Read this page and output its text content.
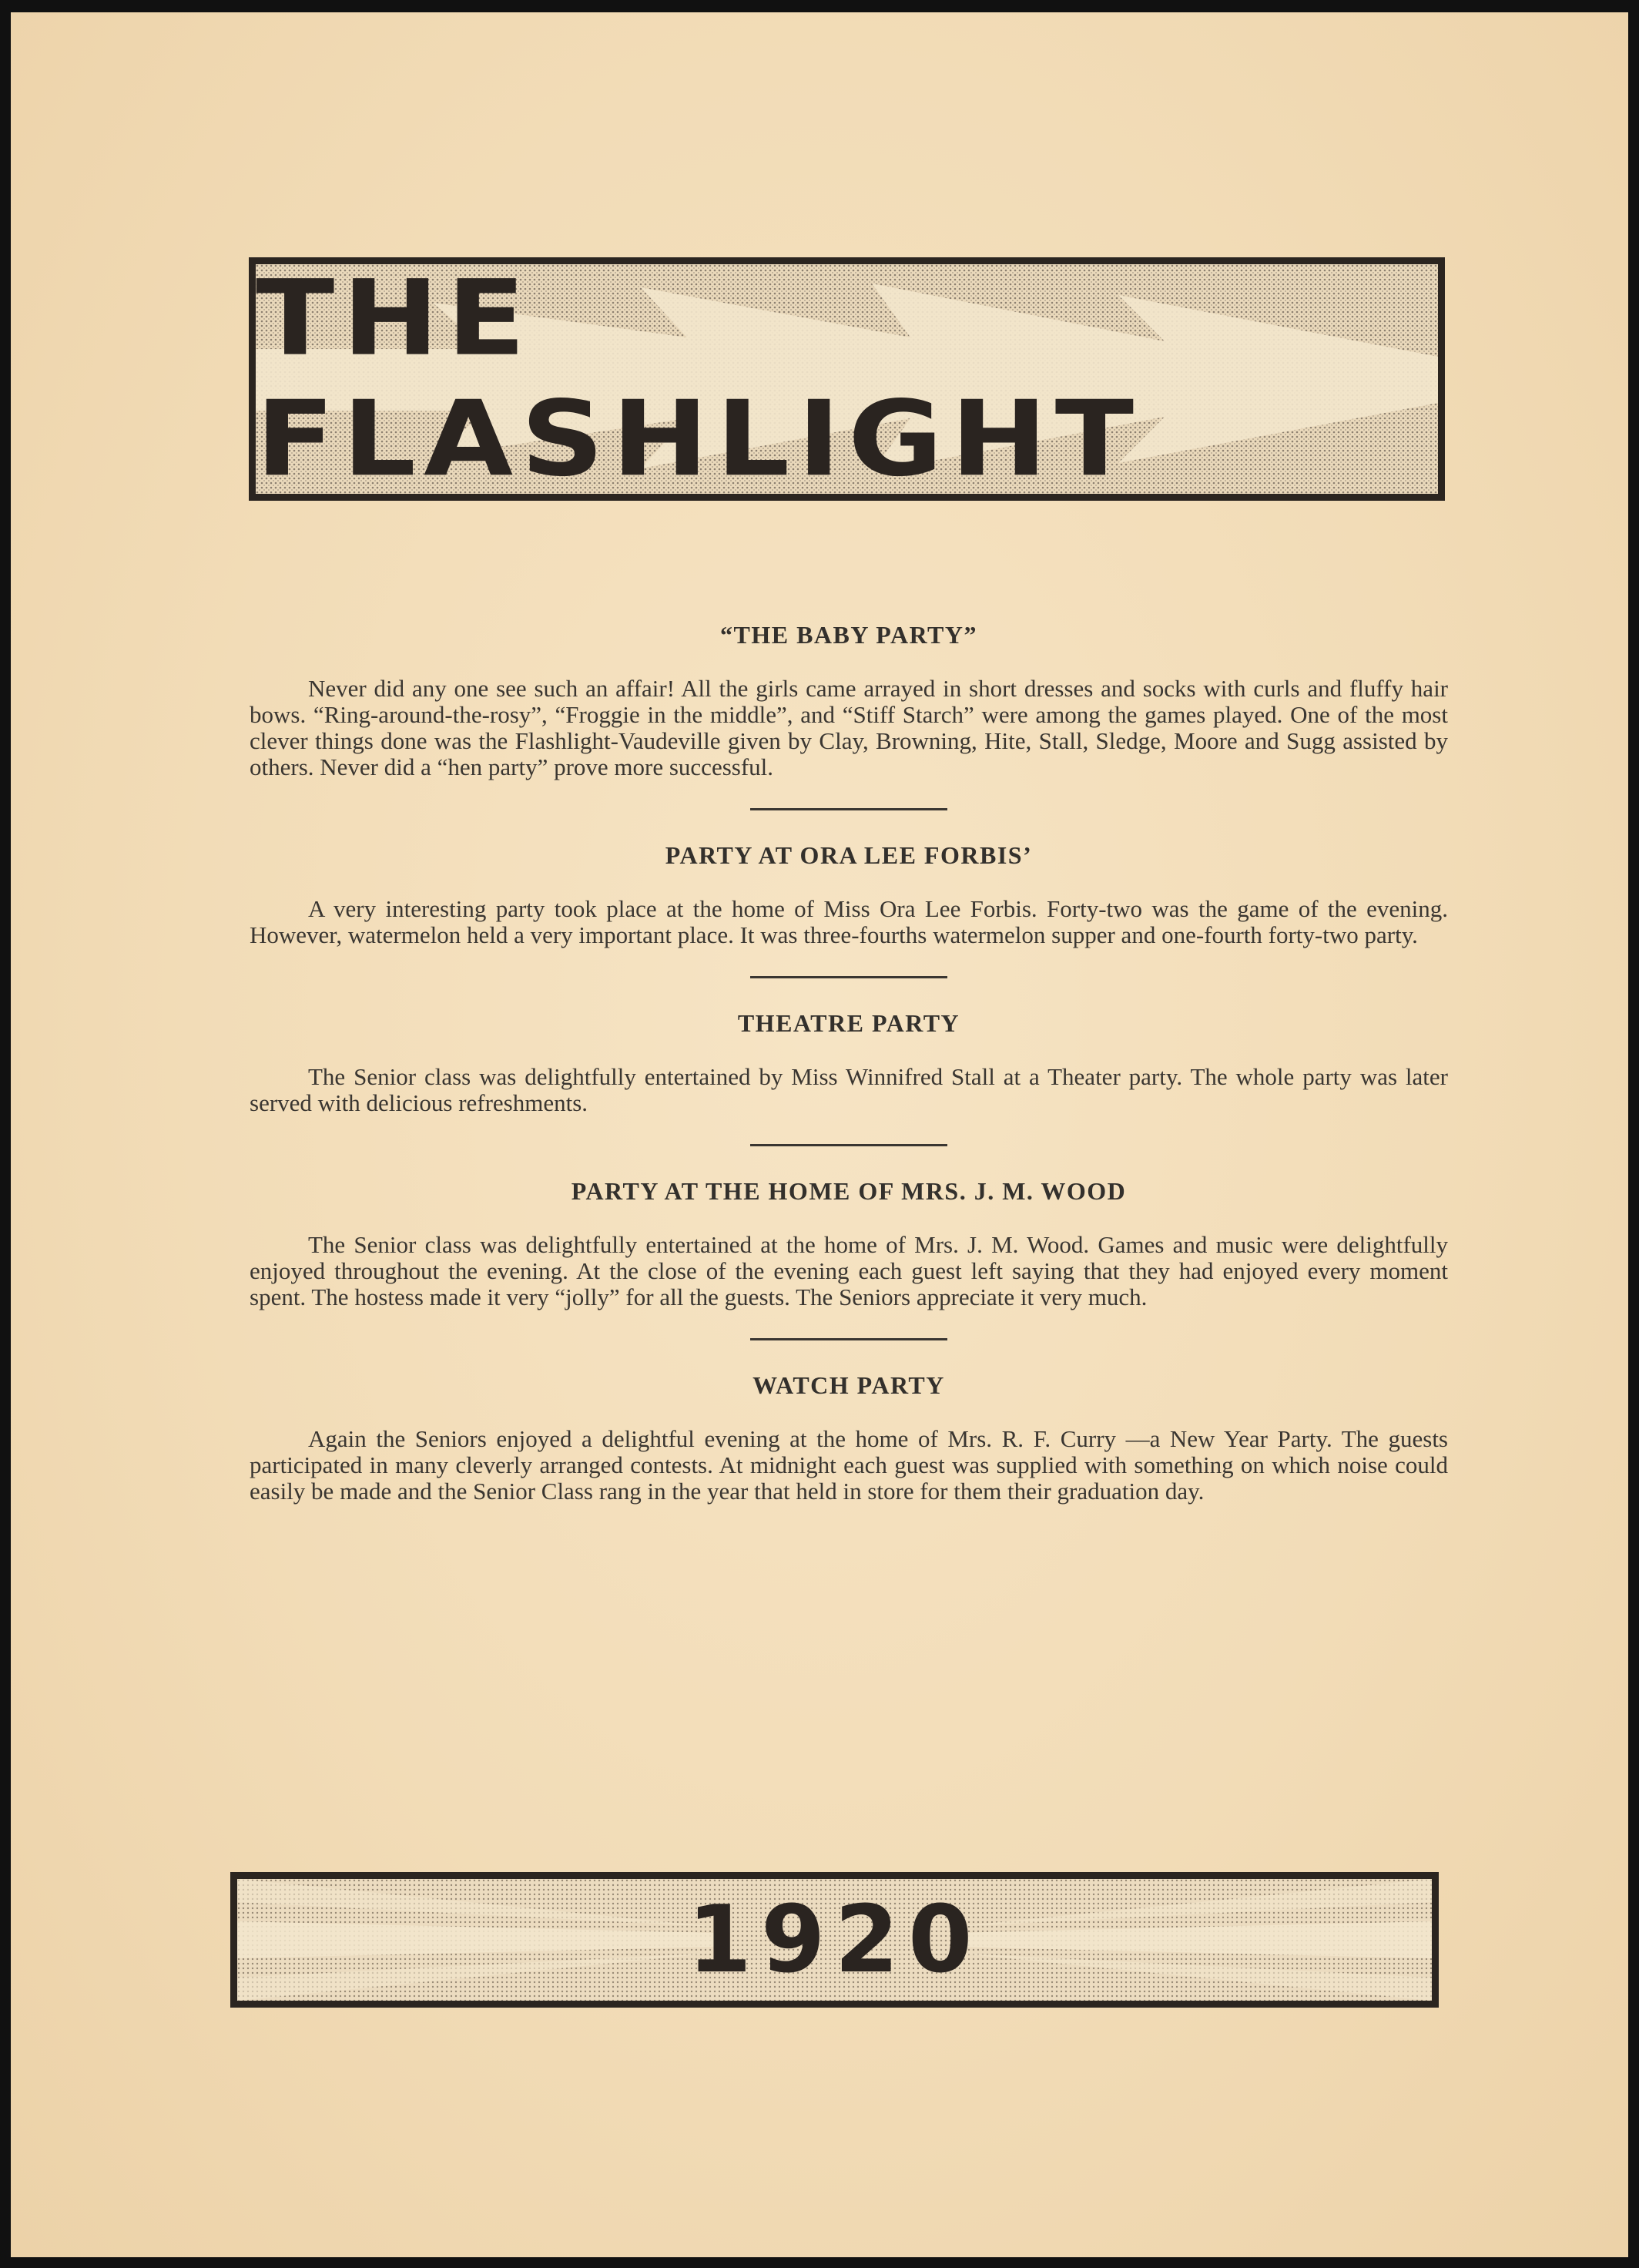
THE FLASHLIGHT
“THE BABY PARTY”

Never did any one see such an affair! All the girls came arrayed in short dresses and socks with curls and fluffy hair bows. “Ring-around-the-rosy”, “Froggie in the middle”, and “Stiff Starch” were among the games played. One of the most clever things done was the Flashlight-Vaudeville given by Clay, Browning, Hite, Stall, Sledge, Moore and Sugg assisted by others. Never did a “hen party” prove more successful.

PARTY AT ORA LEE FORBIS’

A very interesting party took place at the home of Miss Ora Lee Forbis. Forty-two was the game of the evening. However, watermelon held a very important place. It was three-fourths watermelon supper and one-fourth forty-two party.

THEATRE PARTY

The Senior class was delightfully entertained by Miss Winnifred Stall at a Theater party. The whole party was later served with delicious refreshments.

PARTY AT THE HOME OF MRS. J. M. WOOD

The Senior class was delightfully entertained at the home of Mrs. J. M. Wood. Games and music were delightfully enjoyed throughout the evening. At the close of the evening each guest left saying that they had enjoyed every moment spent. The hostess made it very “jolly” for all the guests. The Seniors appreciate it very much.

WATCH PARTY

Again the Seniors enjoyed a delightful evening at the home of Mrs. R. F. Curry —a New Year Party. The guests participated in many cleverly arranged contests. At midnight each guest was supplied with something on which noise could easily be made and the Senior Class rang in the year that held in store for them their graduation day.

1920
